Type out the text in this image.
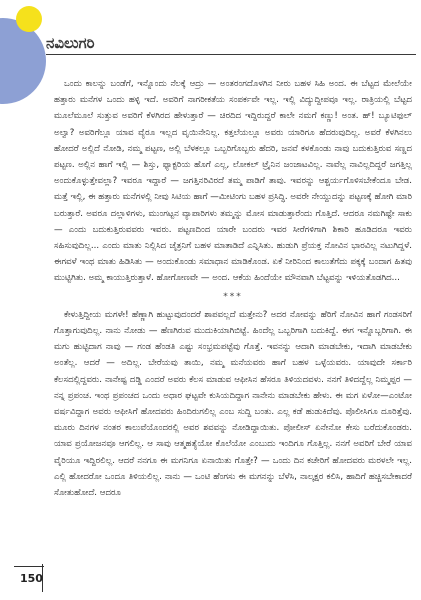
ನವಿಲುಗರಿ

ಒಂದು ಕಾಲನ್ನು ಬಂಡೆಗೆ, ಇನ್ನೊಂದು ನೆಲಕ್ಕೆ ಆದ್ರು — ಅಂತರಂಗದೊಳಗಿನ ನೀರು ಬಹಳ ಸಿಹಿ ಅಂದ. ಈ ಬೆಟ್ಟದ ಮೇಲೆಯೇ ಹತ್ತಾರು ಮನೆಗಳ ಒಂದು ಹಳ್ಳಿ ಇದೆ. ಅವರಿಗೆ ನಾಗರೀಕತೆಯ ಸಂಪರ್ಕವೇ ಇಲ್ಲ. ಇಲ್ಲಿ ವಿದ್ಯುದ್ದೀಪವೂ ಇಲ್ಲ. ರಾತ್ರಿಯಲ್ಲಿ ಬೆಟ್ಟದ ಮೂಲೆಮೂಲೆ ಸುತ್ತುವ ಅವರಿಗೆ ಕೆಳಗಿರದ ಹೇಳುತ್ತಾರೆ — ಚಿರದಿದ ಇದ್ದಿರುದ್ದರೆ ಕಾಲೇ ನಮಗೆ ಕಣ್ಣು! ಅಂತ. ಹ್! ಬ್ಯೂಟಿಫುಲ್ ಅಲ್ವಾ? ಅವರಿಗೆಲ್ಲೂ ಯಾವ ವ್ಯೆರೂ ಇಲ್ಲದ ವೃಯಿನೇನಿಲ್ಲ. ಕತ್ತಲೆಯಲ್ಲೂ ಅವರು ಯಾರಿಗೂ ಹೆದರುವುದಿಲ್ಲ. ಅವರೆ ಕೆಳಗಿನಲು ಹೋದರೆ ಅಲ್ಲಿದೆ ನೋಡಿ, ನಮ್ಮ ಪಟ್ಟಣ, ಅಲ್ಲಿ ಬೆಳಕಲ್ಲೂ ಒಬ್ಬರಿಗೊಬ್ಬರು ಹೆದರಿ, ಜನವೆ ಕಳಕೊಂಡು ನಾವು ಬದುಕುತ್ತಿರುವ ಸಣ್ಣದ ಪಟ್ಟಣ. ಅಲ್ಲಿನ ಹಾಗೆ ಇಲ್ಲಿ — ಶಿಸ್ತು, ಫ್ಯಾಕ್ಟರಿಯ ಹೊಗೆ ಎಲ್ಲ, ಲೋಕಲ್ ಟ್ರೈನಿನ ಜಂಜಾಟವಿಲ್ಲ. ನಾವೆಲ್ಲ ನಾವಿಲ್ಲದಿದ್ದರೆ ಜಗತ್ತಿಲ್ಲ ಅಂದುಕೊಳ್ಳುತ್ತೇವಲ್ಲಾ? ಇವರೂ ಇದ್ದಾರೆ — ಜಗತ್ತಿನರಿವಿರದೆ ತಮ್ಮ ಪಾಡಿಗೆ ತಾವು. ಇವರನ್ನು ಆಶ್ಚರ್ಯಗೊಳಿಸಬೇಕೆಂದೂ ಬೇಡ. ಮತ್ತೆ ಇಲ್ಲಿ, ಈ ಹತ್ತಾರು ಮನೆಗಳಲ್ಲಿ ನೀವು ಸಿಟಿಯ ಹಾಗೆ —ಮೀಟಿಂಗು ಬಹಳ ಪ್ರಸಿದ್ಧಿ. ಅವರೇ ನೇಯ್ದುದನ್ನು ಪಟ್ಟಣಕ್ಕೆ ಹೋಗಿ ಮಾರಿ ಬರುತ್ತಾರೆ. ಅವರೂ ದಲ್ಲಾಳಿಗಳು, ಮುಂಗಟ್ಟನ ವ್ಯಾಪಾರಿಗಳು ತಮ್ಮನ್ನು ಮೋಸ ಮಾಡುತ್ತಾರೆಂದು ಗೊತ್ತಿದೆ. ಆದರೂ ನಮಗಿಷ್ಟೇ ಸಾಕು — ಎಂದು ಬದುಕುತ್ತಿರುವವರು ಇವರು. ಪಟ್ಟಣದಿಂದ ಯಾರೇ ಬಂದರು ಇವರ ಸೀರೆಗಳಿಗಾಗಿ ಶಿಕಾರಿ ಹೂಡಿದರೂ ಇವರು ಸಹಿಸುವುದಿಲ್ಲ... ಎಂದು ಮಾತು ನಿಲ್ಲಿಸಿದ ಚೈತ್ರನಿಗೆ ಬಹಳ ಮಾತಾಡಿದೆ ಎನ್ನಿಸಿತು. ಹುಡುಗಿ ಪ್ರೆಯಕ್ತ ನೋವಿನ ಭಾರವಿಲ್ಲ ನಟುಗಿದ್ದಳೆ. ಈಗವಳೆ ಇಂಥ ಮಾತು ಹಿಡಿಸಿತು — ಅಂದುಕೊಂಡು ಸಮಾಧಾನ ಮಾಡಿಕೊಂಡ. ಏಕೆ ನೀರಿನಿಂದ ಕಾಲುತೆಗೆದು ಪಕ್ಕಕ್ಕೆ ಬಂದಾಗ ಹಿತವು ಮುಟ್ಟಿಗಿತು. ಅಮ್ಮ ಕಾಯುತ್ತಿರುತ್ತಾಳೆ. ಹೋಗೋಣವೇ — ಅಂದ. ಆಕೆಯ ಹಿಂದೆಯೇ ಮೌನವಾಗಿ ಬೆಟ್ಟವನ್ನು ಇಳಿಯತೊಡಗಿದ...

***

ಕೇಳುತ್ತಿದ್ದೀಯ ಮಗಳೇ! ಹೆಣ್ಣಾಗಿ ಹುಟ್ಟುವುದಂದರೆ ಶಾಪವಲ್ಲದೆ ಮತ್ತೇನು? ಅದರ ನೋವನ್ನು ಹೆರಿಗೆ ನೋವಿನ ಹಾಗೆ ಗಂಡಸರಿಗೆ ಗೊತ್ತಾಗುವುದಿಲ್ಲ. ನಾನು ನೋಡು — ಹೆಣಗಿರುವ ಮುದುಕಿಯಾಗಿಬಿಟ್ಟೆ. ಹಿಂದೆಲ್ಲ ಒಬ್ಬರಿಗಾಗಿ ಬದುಕಿದ್ದೆ. ಈಗ ಇನ್ನೊಬ್ಬರಿಗಾಗಿ. ಈ ಮಗು ಹುಟ್ಟಿದಾಗ ನಾವು — ಗಂಡ ಹೆಂಡತಿ ಎಷ್ಟು ಸಂಭ್ರಮಪಟ್ಟೆವು ಗೊತ್ತೆ. ಇವನನ್ನು ಆದಾಗಿ ಮಾಡಬೇಕು, ಇದಾಗಿ ಮಾಡಬೇಕು ಅಂತೆಲ್ಲ. ಆದರೆ — ಅದಿಲ್ಲ. ಬೇರೆಯವು ತಾಯಿ, ನಮ್ಮ ಮನೆಯವರು ಹಾಗೆ ಬಹಳ ಒಳ್ಳೆಯವರು. ಯಾವುದೇ ಸರ್ಕಾರಿ ಕೆಲಸದಲ್ಲಿದ್ದವರು. ನಾನೇಷ್ಟ ದಡ್ಡಿ ಎಂದರೆ ಅವರು ಕೆಲಸ ಮಾಡುವ ಆಫೀಸಿನ ಹೆಸರೂ ತಿಳಿಯದವಳು. ನನಗೆ ತಿಳಿದದ್ದೆಲ್ಲ ನಿಮ್ಮಪ್ಪರ — ನನ್ನ ಪ್ರಪಂಚ. ಇಂಥ ಪ್ರಪಂಚದ ಒಂದು ಅಧಾರ ಘಟ್ಟವೇ ಕುಸಿಯದಿದ್ದಾಗ ನಾನೇನು ಮಾಡಬೇಕು ಹೇಳು. ಈ ಮಗ ಏಳೋ—ಎಂಟೋ ವರ್ಷವಿದ್ದಾಗ ಅವರು ಆಫೀಸಿಗೆ ಹೋದವರು ಹಿಂದಿರುಗಲಿಲ್ಲ ಎಂಬ ಸುದ್ದಿ ಬಂತು. ಎಲ್ಲ ಕಡೆ ಹುಡುಕಿದೆವು. ಪೊಲೀಸಿಗೂ ದೂರಿತ್ತೆವು. ಮೂರು ದಿನಗಳ ನಂತರ ಕಾಲುವೆಯೊಂದರಲ್ಲಿ ಅವರ ಶವವನ್ನು ನೋಡಿದ್ದಾಯಿತು. ಪೋಲೀಸ್ ಏನೇನೋ ಕೇಸು ಬರೆದುಕೊಂಡರು. ಯಾವ ಪ್ರಯೋಜನವೂ ಆಗಲಿಲ್ಲ. ಆ ಸಾವು ಆತ್ಮಹತ್ಯೆಯೋ ಕೊಲೆಯೋ ಎಂಬುದು ಇಂದಿಗೂ ಗೊತ್ತಿಲ್ಲ. ನನಗೆ ಅವರಿಗೆ ಬೇರೆ ಯಾವ ವೈರಿಯೂ ಇದ್ದಿರಲಿಲ್ಲ. ಆದರೆ ನನಗೂ ಈ ಮಗನಿಗೂ ಏನಾಯಿತು ಗೊತ್ತೇ? — ಒಂದು ದಿನ ಕಚೇರಿಗೆ ಹೋದವರು ಮರಳಲೇ ಇಲ್ಲ. ಎಲ್ಲಿ ಹೋದರೋ ಒಂದೂ ತಿಳಿಯಲಿಲ್ಲ. ನಾನು — ಒಂಟಿ ಹೆಂಗಸು ಈ ಮಗನನ್ನು ಬೆಳೆಸಿ, ನಾಲ್ಕಕ್ಷರ ಕಲಿಸಿ, ಹಾದಿಗೆ ಹಚ್ಚಿಸಬೇಕಾದರೆ ಸೋತುಹೋದೆ. ಆದರೂ

150
